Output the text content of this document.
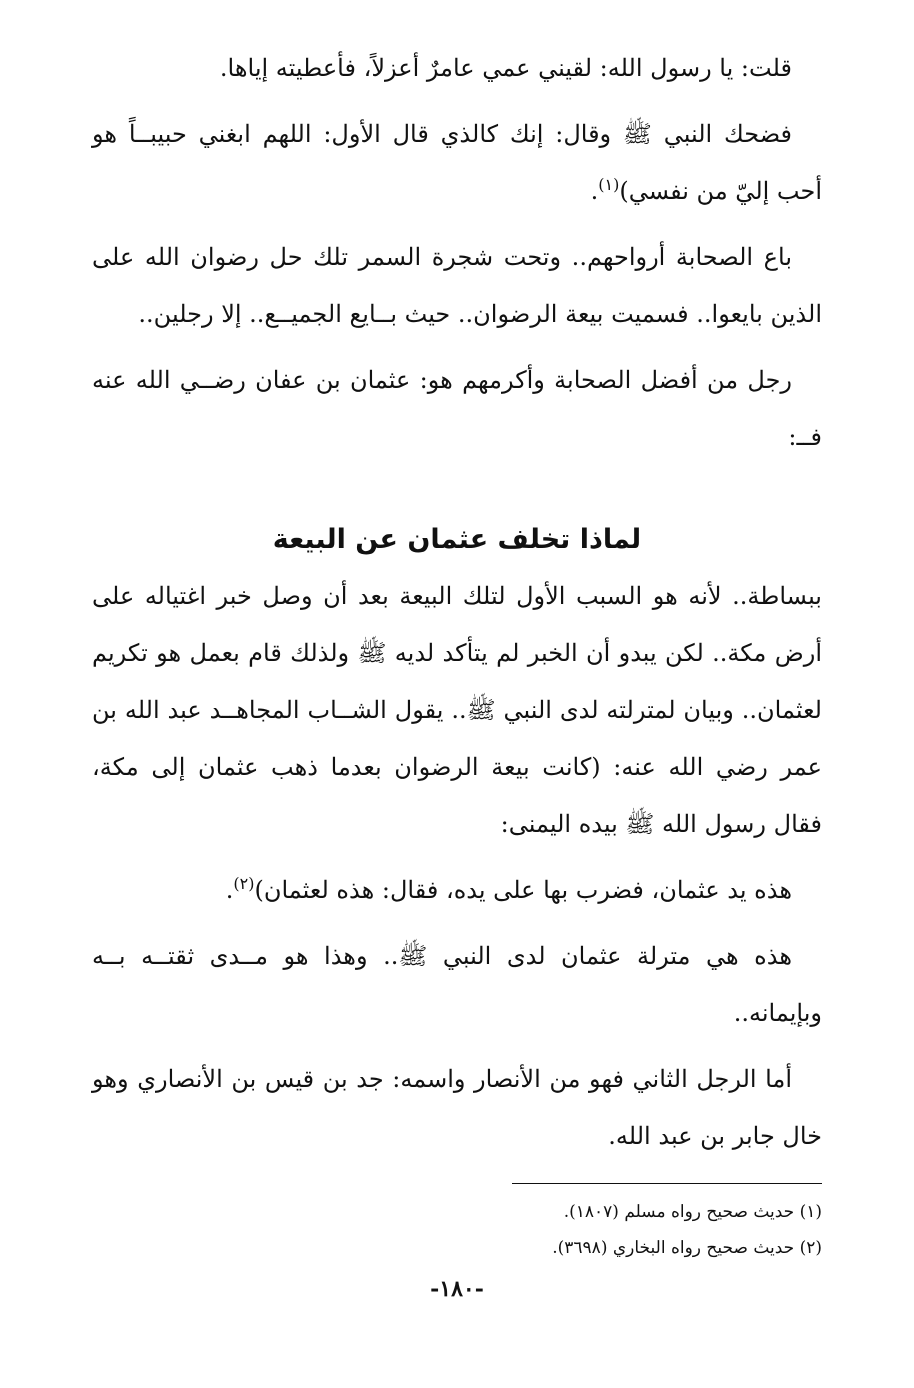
قلت: يا رسول الله: لقيني عمي عامرٌ أعزلاً، فأعطيته إياها.

فضحك النبي ﷺ وقال: إنك كالذي قال الأول: اللهم ابغني حبيبــاً هو أحب إليّ من نفسي)$^{(١)}$.

باع الصحابة أرواحهم.. وتحت شجرة السمر تلك حل رضوان الله على الذين بايعوا.. فسميت بيعة الرضوان.. حيث بــايع الجميــع.. إلا رجلين..

رجل من أفضل الصحابة وأكرمهم هو: عثمان بن عفان رضــي الله عنه فــ:

لماذا تخلف عثمان عن البيعة

ببساطة.. لأنه هو السبب الأول لتلك البيعة بعد أن وصل خبر اغتياله على أرض مكة.. لكن يبدو أن الخبر لم يتأكد لديه ﷺ ولذلك قام بعمل هو تكريم لعثمان.. وبيان لمترلته لدى النبي ﷺ.. يقول الشــاب المجاهــد عبد الله بن عمر رضي الله عنه: (كانت بيعة الرضوان بعدما ذهب عثمان إلى مكة، فقال رسول الله ﷺ بيده اليمنى:

هذه يد عثمان، فضرب بها على يده، فقال: هذه لعثمان)$^{(٢)}$.

هذه هي مترلة عثمان لدى النبي ﷺ.. وهذا هو مــدى ثقتــه بــه وبإيمانه..

أما الرجل الثاني فهو من الأنصار واسمه: جد بن قيس بن الأنصاري وهو خال جابر بن عبد الله.

(١) حديث صحيح رواه مسلم (١٨٠٧).

(٢) حديث صحيح رواه البخاري (٣٦٩٨).

-١٨٠-
